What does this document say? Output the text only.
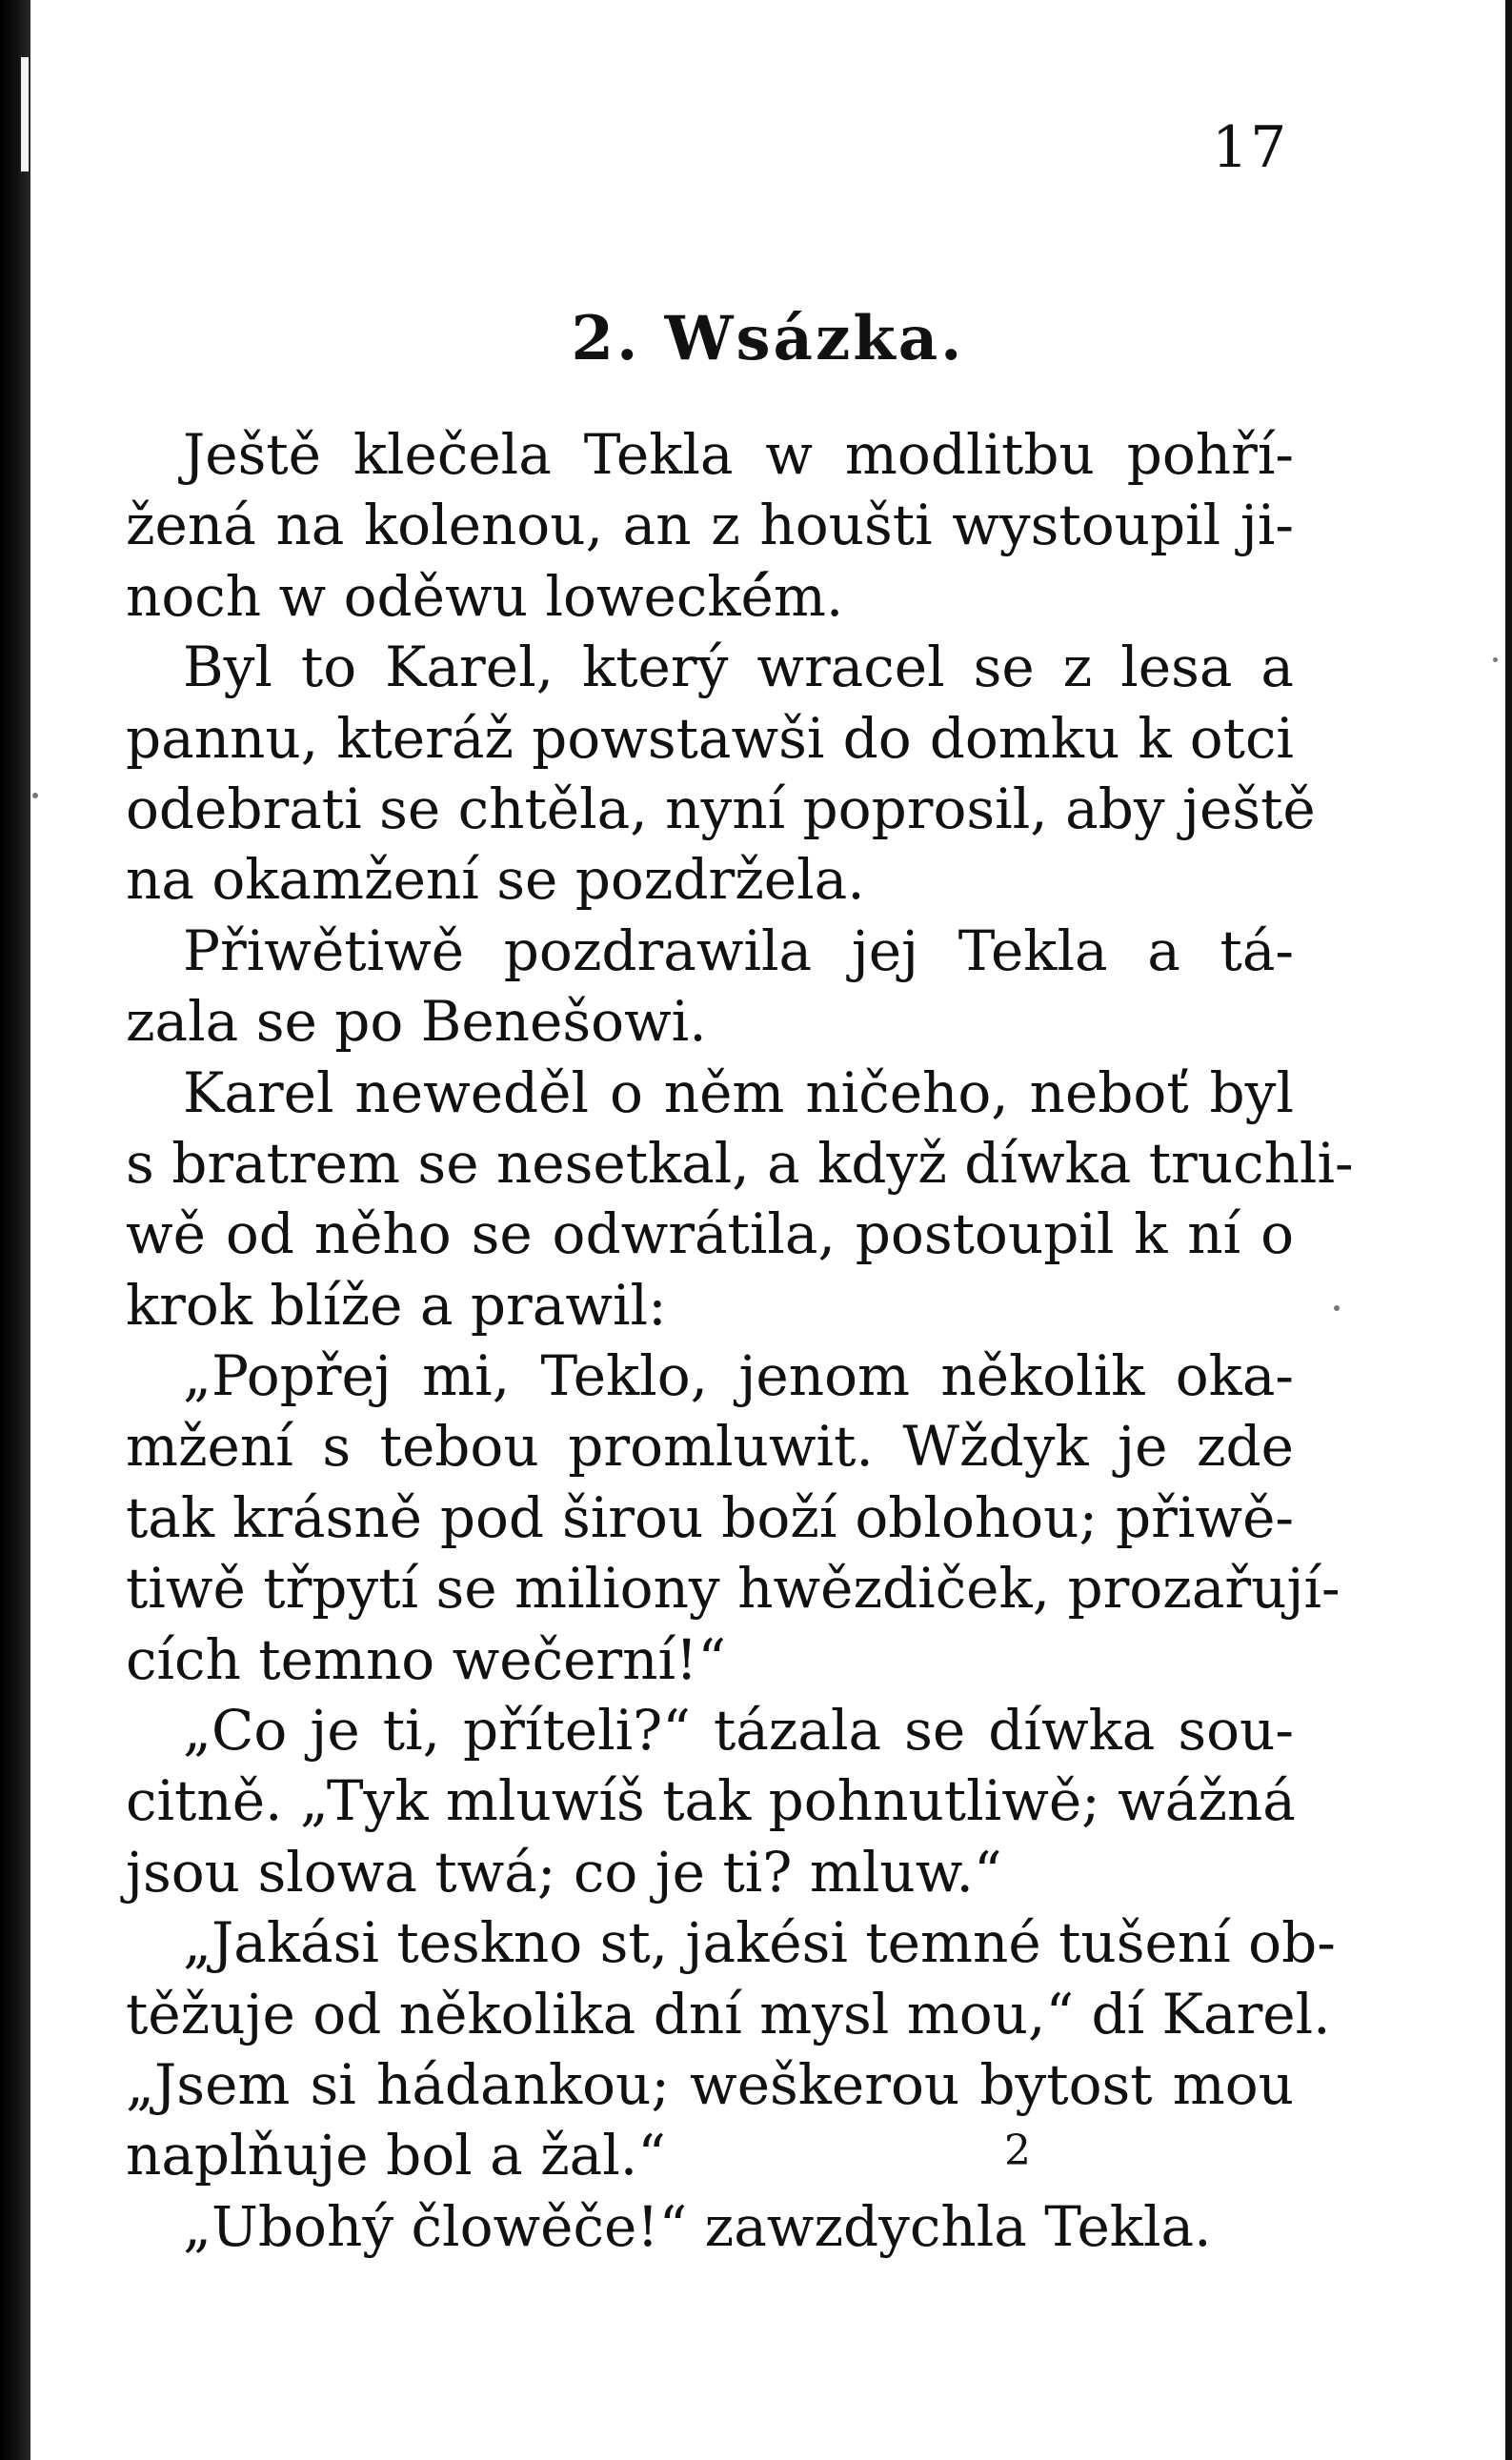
17
2. Wsázka.
Ještě klečela Tekla w modlitbu pohří-
žená na kolenou, an z houšti wystoupil ji-
noch w oděwu lowecké́m.
Byl to Karel, který wracel se z lesa a
pannu, kteráž powstawši do domku k otci
odebrati se chtěla, nyní poprosil, aby ještě
na okamžení se pozdržela.
Přiwětiwě pozdrawila jej Tekla a tá-
zala se po Benešowi.
Karel neweděl o něm ničeho, neboť byl
s bratrem se nesetkal, a když díwka truchli-
wě od něho se odwrátila, postoupil k ní o
krok blíže a prawil:
„Popřej mi, Teklo, jenom několik oka-
mžení s tebou promluwit. Wždyk je zde
tak krásně pod širou boží oblohou; přiwě-
tiwě třpytí se miliony hwězdiček, prozařují-
cích temno wečerní!“
„Co je ti, příteli?“ tázala se díwka sou-
citně. „Tyk mluwíš tak pohnutliwě; wážná
jsou slowa twá; co je ti? mluw.“
„Jakási teskno st, jakési temné tušení ob-
těžuje od několika dní mysl mou,“ dí Karel.
„Jsem si hádankou; weškerou bytost mou
naplňuje bol a žal.“
„Ubohý člowěče!“ zawzdychla Tekla.
2
